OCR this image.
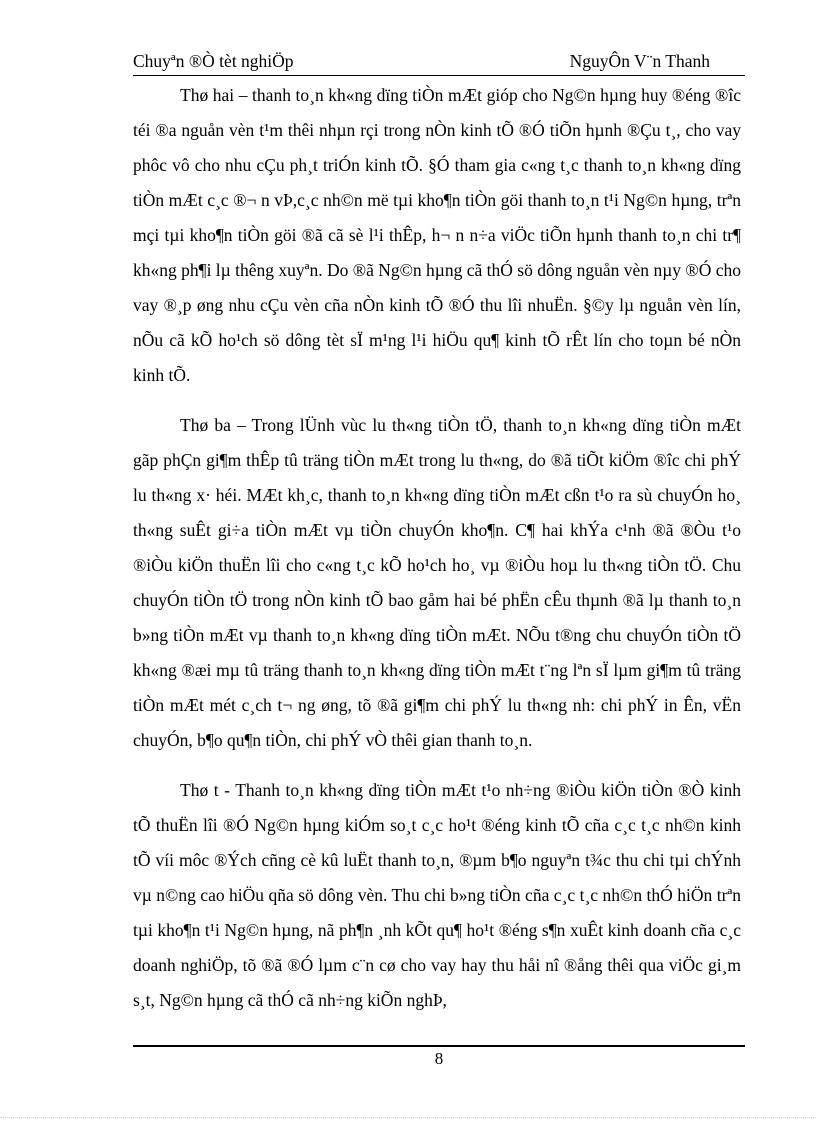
Chuyªn ®Ò tèt nghiÖp	NguyÔn V¨n Thanh

Thø hai – thanh to¸n kh«ng dïng tiÒn mÆt gióp cho Ng©n hµng huy ®éng ®îc téi ®a nguån vèn t¹m thêi nhµn rçi trong nÒn kinh tÕ ®Ó tiÕn hµnh ®Çu t¸, cho vay phôc vô cho nhu cÇu ph¸t triÓn kinh tÕ. §Ó tham gia c«ng t¸c thanh to¸n kh«ng dïng tiÒn mÆt c¸c ®¬ n vÞ,c¸c nh©n më tµi kho¶n tiÒn göi thanh to¸n t¹i Ng©n hµng, trªn mçi tµi kho¶n tiÒn göi ®ã cã sè l¹i thÊp, h¬ n n÷a viÖc tiÕn hµnh thanh to¸n chi tr¶ kh«ng ph¶i lµ thêng xuyªn. Do ®ã Ng©n hµng cã thÓ sö dông nguån vèn nµy ®Ó cho vay ®¸p øng nhu cÇu vèn cña nÒn kinh tÕ ®Ó thu lîi nhuËn. §©y lµ nguån vèn lín, nÕu cã kÕ ho¹ch sö dông tèt sÏ m¹ng l¹i hiÖu qu¶ kinh tÕ rÊt lín cho toµn bé nÒn kinh tÕ.

Thø ba – Trong lÜnh vùc lu th«ng tiÒn tÖ, thanh to¸n kh«ng dïng tiÒn mÆt gãp phÇn gi¶m thÊp tû träng tiÒn mÆt trong lu th«ng, do ®ã tiÕt kiÖm ®îc chi phÝ lu th«ng x· héi. MÆt kh¸c, thanh to¸n kh«ng dïng tiÒn mÆt cßn t¹o ra sù chuyÓn ho¸ th«ng suÊt gi÷a tiÒn mÆt vµ tiÒn chuyÓn kho¶n. C¶ hai khÝa c¹nh ®ã ®Òu t¹o ®iÒu kiÖn thuËn lîi cho c«ng t¸c kÕ ho¹ch ho¸ vµ ®iÒu hoµ lu th«ng tiÒn tÖ. Chu chuyÓn tiÒn tÖ trong nÒn kinh tÕ bao gåm hai bé phËn cÊu thµnh ®ã lµ thanh to¸n b»ng tiÒn mÆt vµ thanh to¸n kh«ng dïng tiÒn mÆt. NÕu t®ng chu chuyÓn tiÒn tÖ kh«ng ®æi mµ tû träng thanh to¸n kh«ng dïng tiÒn mÆt t¨ng lªn sÏ lµm gi¶m tû träng tiÒn mÆt mét c¸ch t¬ ng øng, tõ ®ã gi¶m chi phÝ lu th«ng nh: chi phÝ in Ên, vËn chuyÓn, b¶o qu¶n tiÒn, chi phÝ vÒ thêi gian thanh to¸n.

Thø t - Thanh to¸n kh«ng dïng tiÒn mÆt t¹o nh÷ng ®iÒu kiÖn tiÒn ®Ò kinh tÕ thuËn lîi ®Ó Ng©n hµng kiÓm so¸t c¸c ho¹t ®éng kinh tÕ cña c¸c t¸c nh©n kinh tÕ víi môc ®Ých cñng cè kû luËt thanh to¸n, ®µm b¶o nguyªn t¾c thu chi tµi chÝnh vµ n©ng cao hiÖu qña sö dông vèn. Thu chi b»ng tiÒn cña c¸c t¸c nh©n thÓ hiÖn trªn tµi kho¶n t¹i Ng©n hµng, nã ph¶n ¸nh kÕt qu¶ ho¹t ®éng s¶n xuÊt kinh doanh cña c¸c doanh nghiÖp, tõ ®ã ®Ó lµm c¨n cø cho vay hay thu håi nî ®ång thêi qua viÖc gi¸m s¸t, Ng©n hµng cã thÓ cã nh÷ng kiÕn nghÞ,

8
